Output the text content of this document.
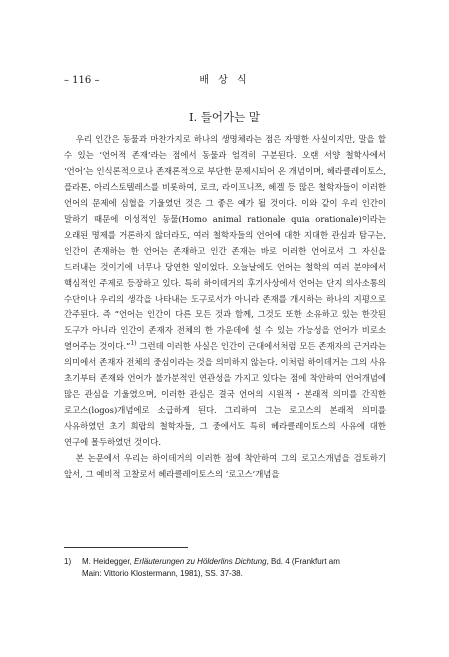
– 116 –	배 상 식
I. 들어가는 말

우리 인간은 동물과 마찬가지로 하나의 생명체라는 점은 자명한 사실이지만, 말을 할 수 있는 ‘언어적 존재’라는 점에서 동물과 엄격히 구분된다. 오랜 서양 철학사에서 ‘언어’는 인식론적으로나 존재론적으로 부단한 문제시되어 온 개념이며, 헤라클레이토스, 플라톤, 아리스토텔레스를 비롯하여, 로크, 라이프니쯔, 헤겔 등 많은 철학자들이 이러한 언어의 문제에 심혈을 기울였던 것은 그 좋은 예가 될 것이다. 이와 같이 우리 인간이 말하기 때문에 이성적인 동물(Homo animal rationale quia orationale)이라는 오래된 명제를 거론하지 않더라도, 여러 철학자들의 언어에 대한 지대한 관심과 탐구는, 인간이 존재하는 한 언어는 존재하고 인간 존재는 바로 이러한 언어로서 그 자신을 드러내는 것이기에 너무나 당연한 일이었다. 오늘날에도 언어는 철학의 여러 분야에서 핵심적인 주제로 등장하고 있다. 특히 하이데거의 후기사상에서 언어는 단지 의사소통의 수단이나 우리의 생각을 나타내는 도구로서가 아니라 존재를 개시하는 하나의 지평으로 간주된다. 즉 “언어는 인간이 다른 모든 것과 함께, 그것도 또한 소유하고 있는 한갓된 도구가 아니라 인간이 존재자 전체의 한 가운데에 설 수 있는 가능성을 언어가 비로소 열어주는 것이다.”$^{1)}$ 그런데 이러한 사실은 인간이 근대에서처럼 모든 존재자의 근거라는 의미에서 존재자 전체의 중심이라는 것을 의미하지 않는다. 이처럼 하이데거는 그의 사유 초기부터 존재와 언어가 불가분적인 연관성을 가지고 있다는 점에 착안하여 언어개념에 많은 관심을 기울였으며, 이러한 관심은 결국 언어의 시원적・본래적 의미를 간직한 로고스(logos)개념에로 소급하게 된다. 그리하여 그는 로고스의 본래적 의미를 사유하였던 초기 희랍의 철학자들, 그 중에서도 특히 헤라클레이토스의 사유에 대한 연구에 몰두하였던 것이다.

본 논문에서 우리는 하이데거의 이러한 점에 착안하여 그의 로고스개념을 검토하기 앞서, 그 예비적 고찰로서 헤라클레이토스의 ‘로고스’개념을

1) M. Heidegger, Erläuterungen zu Hölderlins Dichtung, Bd. 4 (Frankfurt am
Main: Vittorio Klostermann, 1981), SS. 37-38.
